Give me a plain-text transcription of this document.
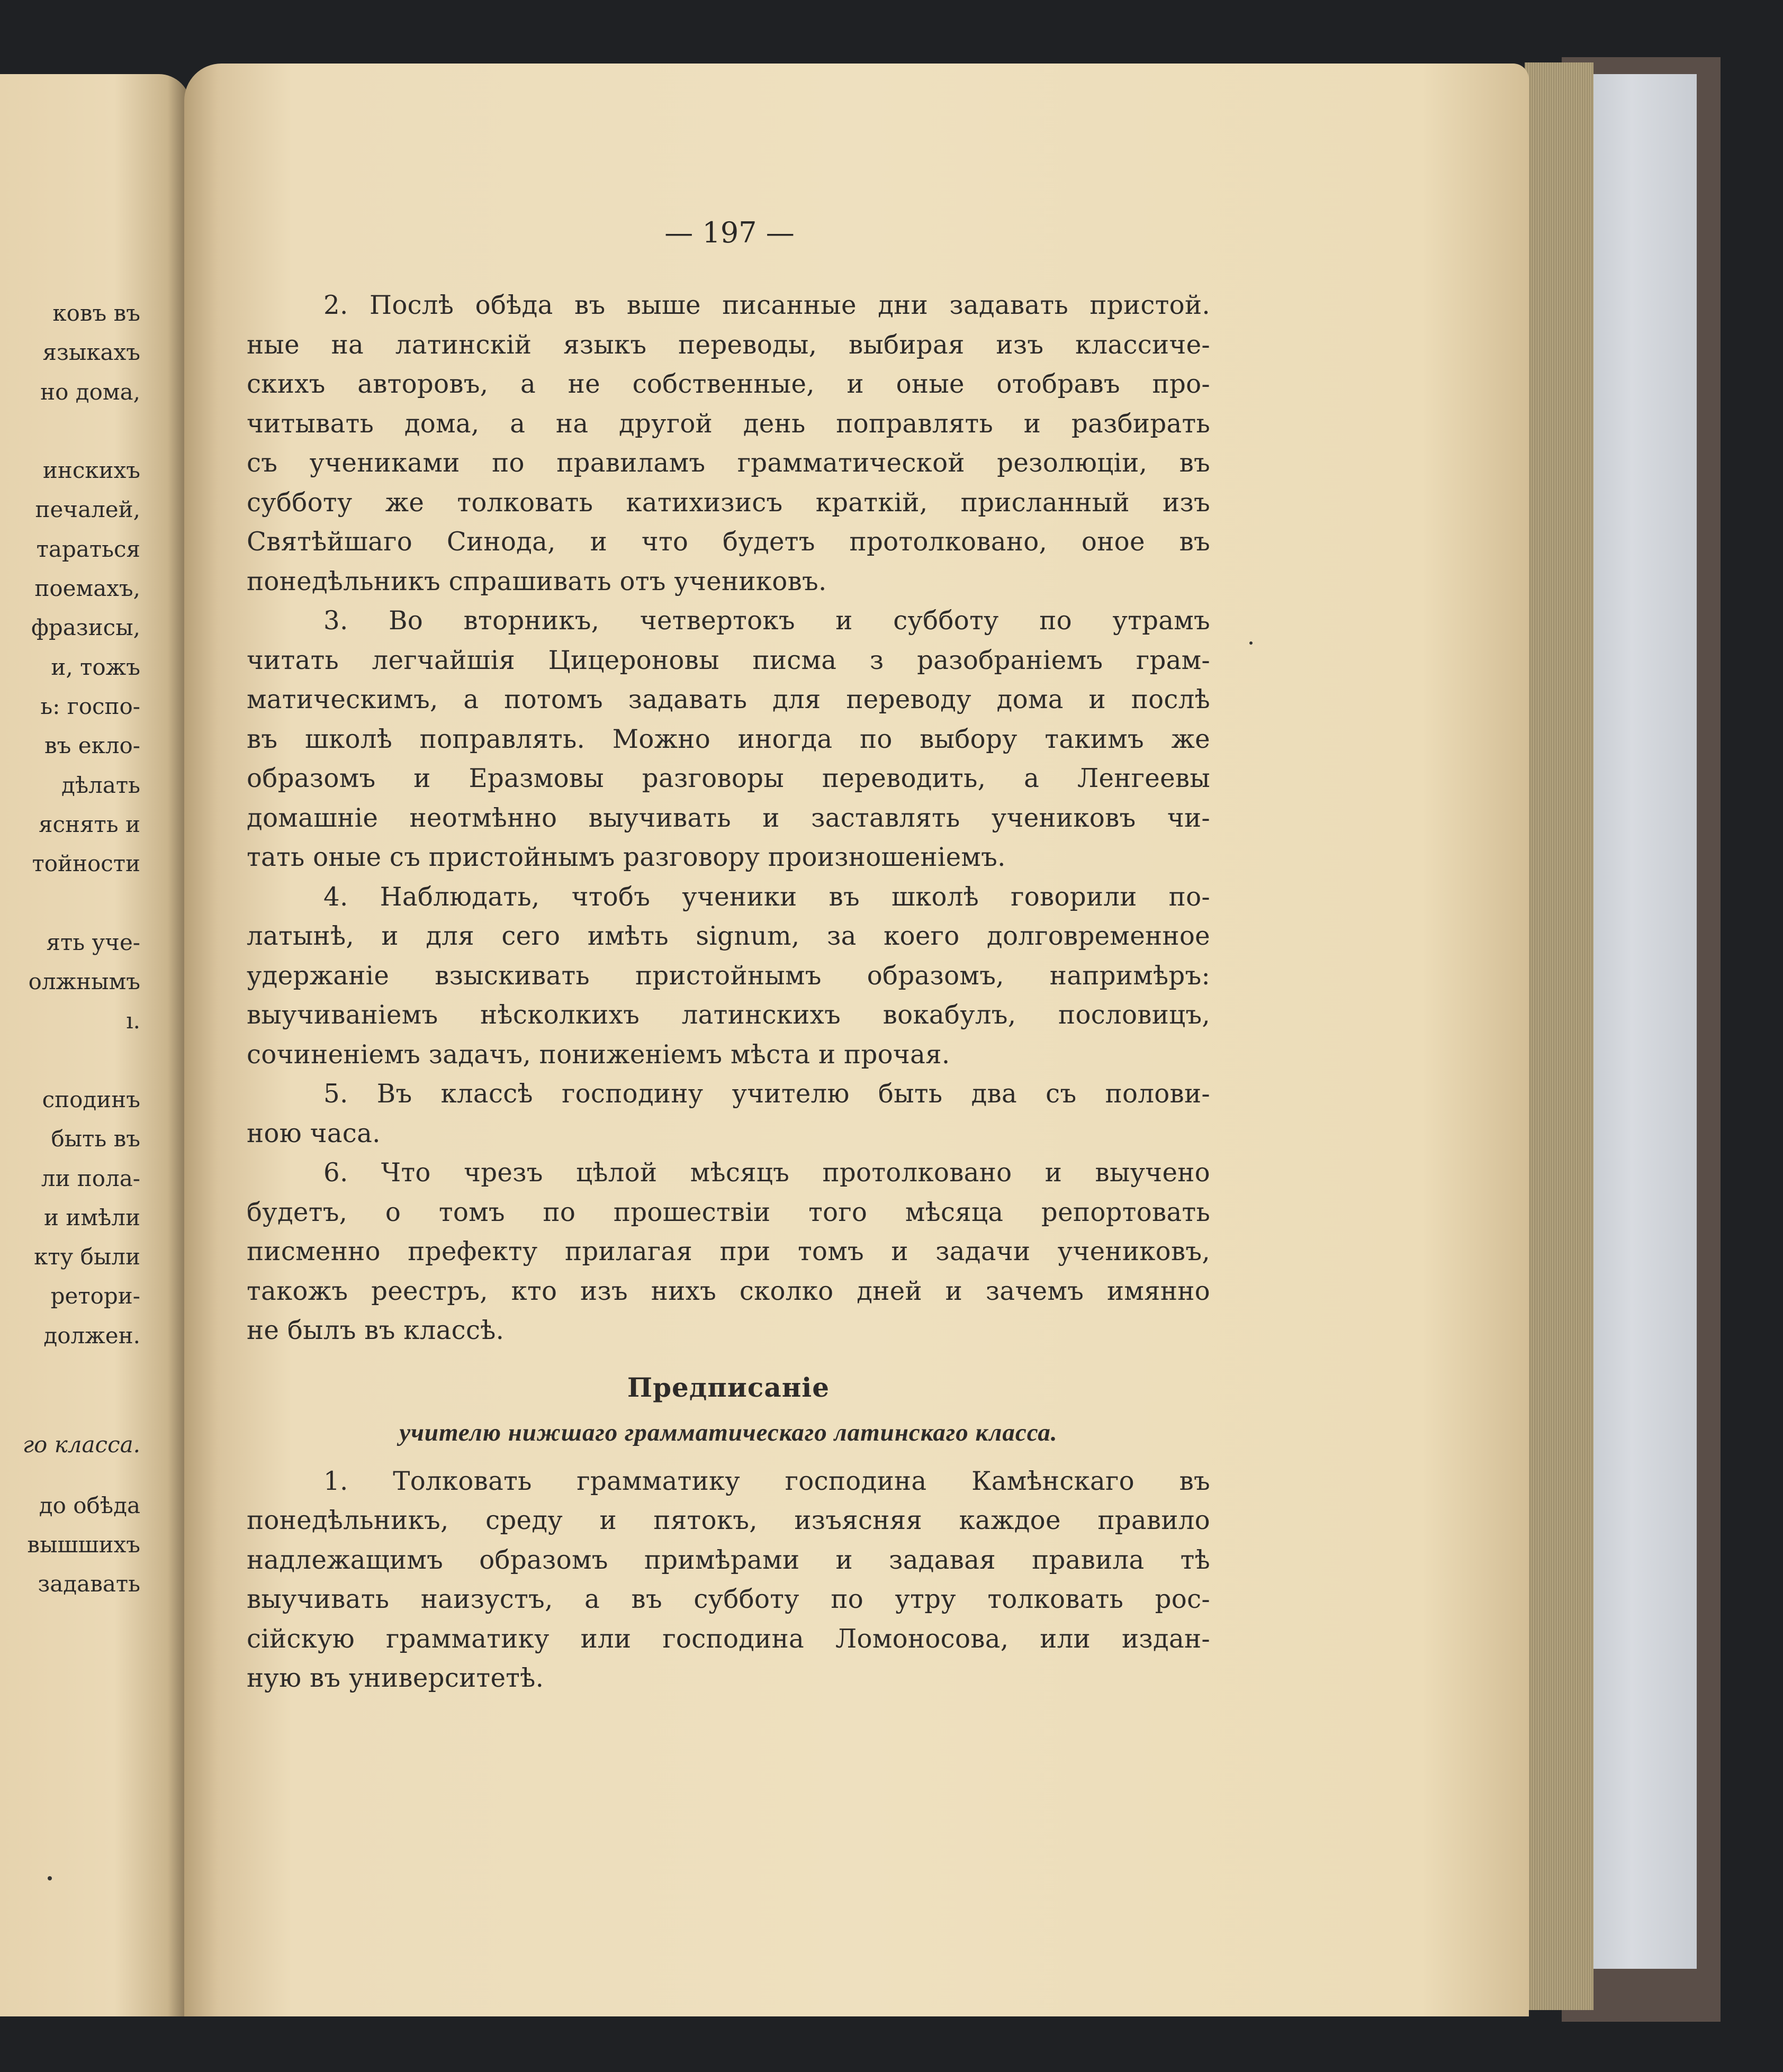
ковъ въ
языкахъ
но дома,

инскихъ
печалей,
тараться
поемахъ,
фразисы,
и, тожъ
ь: госпо-
въ екло-
дѣлать
яснять и
тойности

ять уче-
олжнымъ
ı.

сподинъ
быть въ
ли пола-
и имѣли
кту были
ретори-
должен.

го класса.
до обѣда
вышшихъ
задавать
— 197 —
2. Послѣ обѣда въ выше писанные дни задавать пристой.
ные на латинскій языкъ переводы, выбирая изъ классиче-
скихъ авторовъ, а не собственные, и оные отобравъ про-
читывать дома, а на другой день поправлять и разбирать
съ учениками по правиламъ грамматической резолюціи, въ
субботу же толковать катихизисъ краткій, присланный изъ
Святѣйшаго Синода, и что будетъ протолковано, оное въ
понедѣльникъ спрашивать отъ учениковъ.
3. Во вторникъ, четвертокъ и субботу по утрамъ
читать легчайшія Цицероновы писма з разобраніемъ грам-
матическимъ, а потомъ задавать для переводу дома и послѣ
въ школѣ поправлять. Можно иногда по выбору такимъ же
образомъ и Еразмовы разговоры переводить, а Ленгеевы
домашніе неотмѣнно выучивать и заставлять учениковъ чи-
тать оные съ пристойнымъ разговору произношеніемъ.
4. Наблюдать, чтобъ ученики въ школѣ говорили по-
латынѣ, и для сего имѣть signum, за коего долговременное
удержаніе взыскивать пристойнымъ образомъ, напримѣръ:
выучиваніемъ нѣсколкихъ латинскихъ вокабулъ, пословицъ,
сочиненіемъ задачъ, пониженіемъ мѣста и прочая.
5. Въ классѣ господину учителю быть два съ полови-
ною часа.
6. Что чрезъ цѣлой мѣсяцъ протолковано и выучено
будетъ, о томъ по прошествіи того мѣсяца репортовать
писменно префекту прилагая при томъ и задачи учениковъ,
такожъ реестръ, кто изъ нихъ сколко дней и зачемъ имянно
не былъ въ классѣ.
Предписаніе
учителю нижшаго грамматическаго латинскаго класса.
1. Толковать грамматику господина Камѣнскаго въ
понедѣльникъ, среду и пятокъ, изъясняя каждое правило
надлежащимъ образомъ примѣрами и задавая правила тѣ
выучивать наизустъ, а въ субботу по утру толковать рос-
сійскую грамматику или господина Ломоносова, или издан-
ную въ университетѣ.
